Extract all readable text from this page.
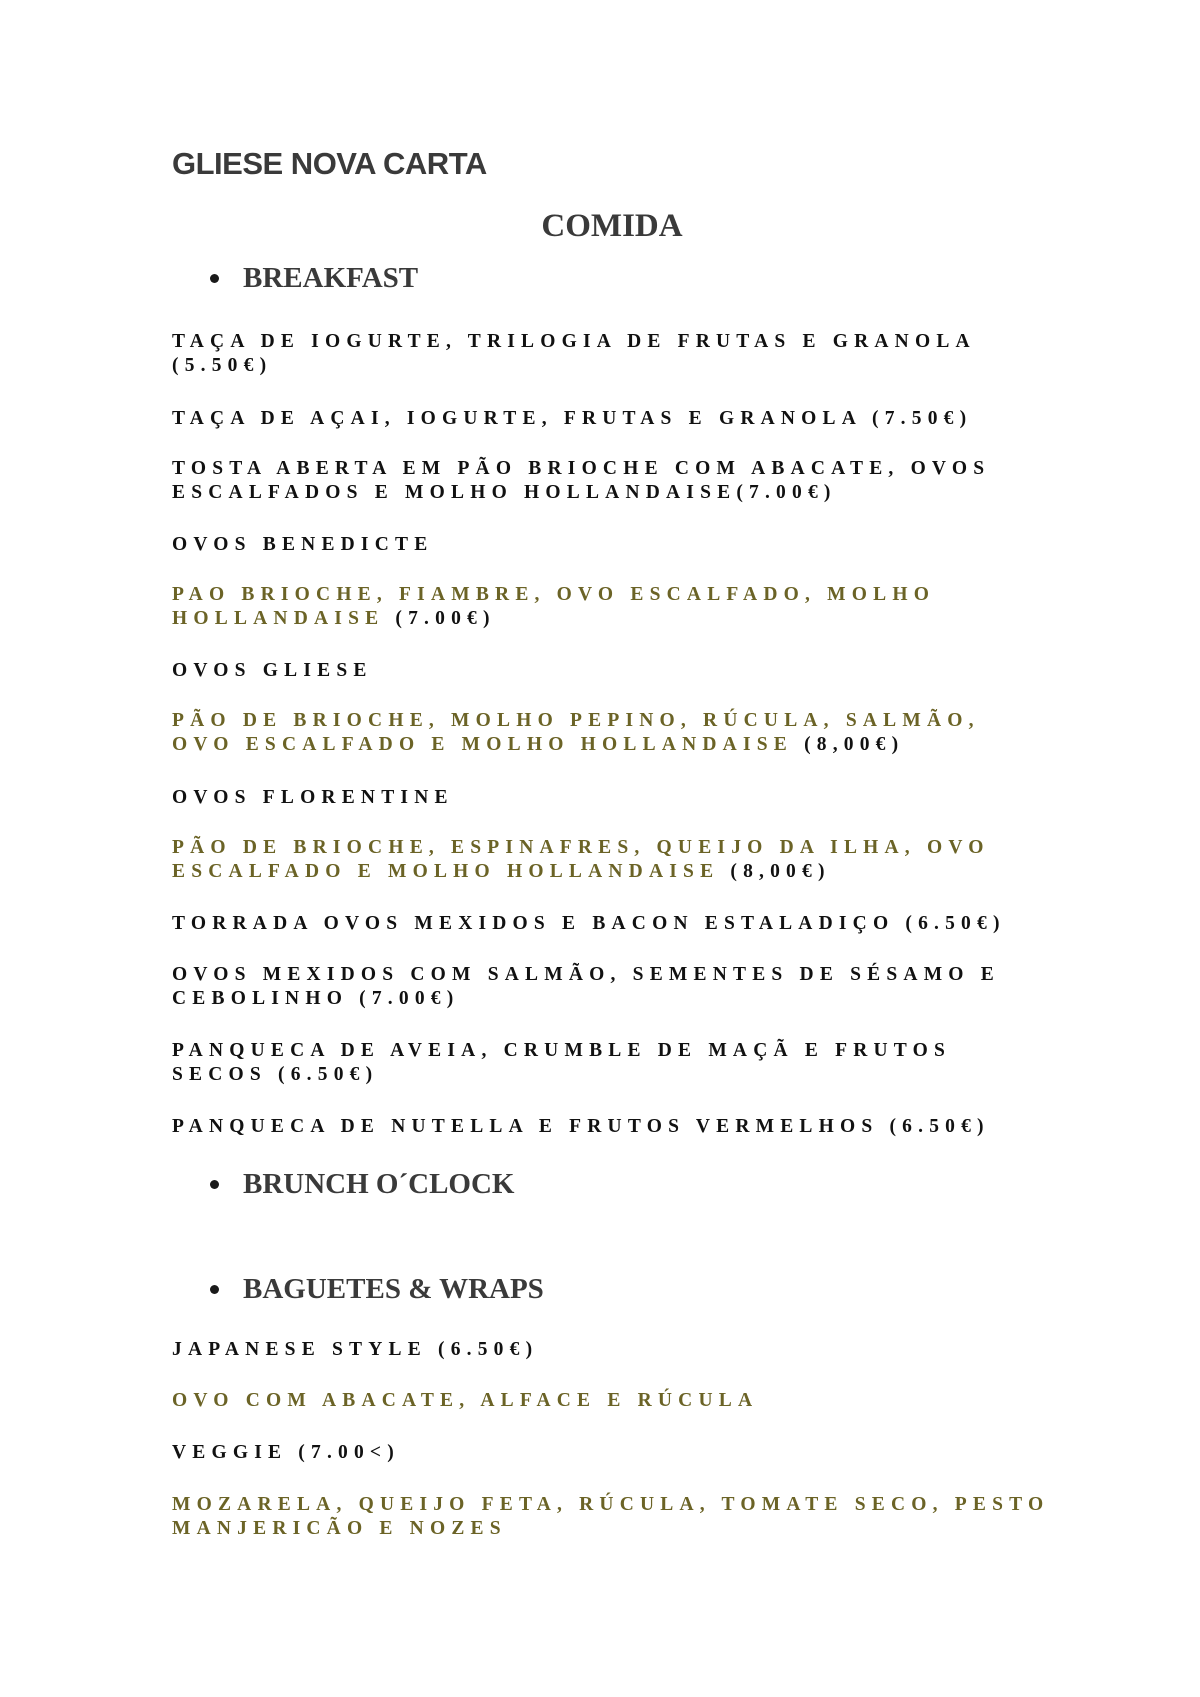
GLIESE NOVA CARTA
COMIDA
BREAKFAST

TAÇA DE IOGURTE, TRILOGIA DE FRUTAS E GRANOLA (5.50€)

TAÇA DE AÇAI, IOGURTE, FRUTAS E GRANOLA (7.50€)

TOSTA ABERTA EM PÃO BRIOCHE COM ABACATE, OVOS ESCALFADOS E MOLHO HOLLANDAISE(7.00€)

OVOS BENEDICTE

PAO BRIOCHE, FIAMBRE, OVO ESCALFADO, MOLHO HOLLANDAISE (7.00€)

OVOS GLIESE

PÃO DE BRIOCHE, MOLHO PEPINO, RÚCULA, SALMÃO, OVO ESCALFADO E MOLHO HOLLANDAISE (8,00€)

OVOS FLORENTINE

PÃO DE BRIOCHE, ESPINAFRES, QUEIJO DA ILHA, OVO ESCALFADO E MOLHO HOLLANDAISE (8,00€)

TORRADA OVOS MEXIDOS E BACON ESTALADIÇO (6.50€)

OVOS MEXIDOS COM SALMÃO, SEMENTES DE SÉSAMO E CEBOLINHO (7.00€)

PANQUECA DE AVEIA, CRUMBLE DE MAÇÃ E FRUTOS SECOS (6.50€)

PANQUECA DE NUTELLA E FRUTOS VERMELHOS (6.50€)

BRUNCH O´CLOCK
BAGUETES & WRAPS

JAPANESE STYLE (6.50€)

OVO COM ABACATE, ALFACE E RÚCULA

VEGGIE (7.00<)

MOZARELA, QUEIJO FETA, RÚCULA, TOMATE SECO, PESTO MANJERICÃO E NOZES
